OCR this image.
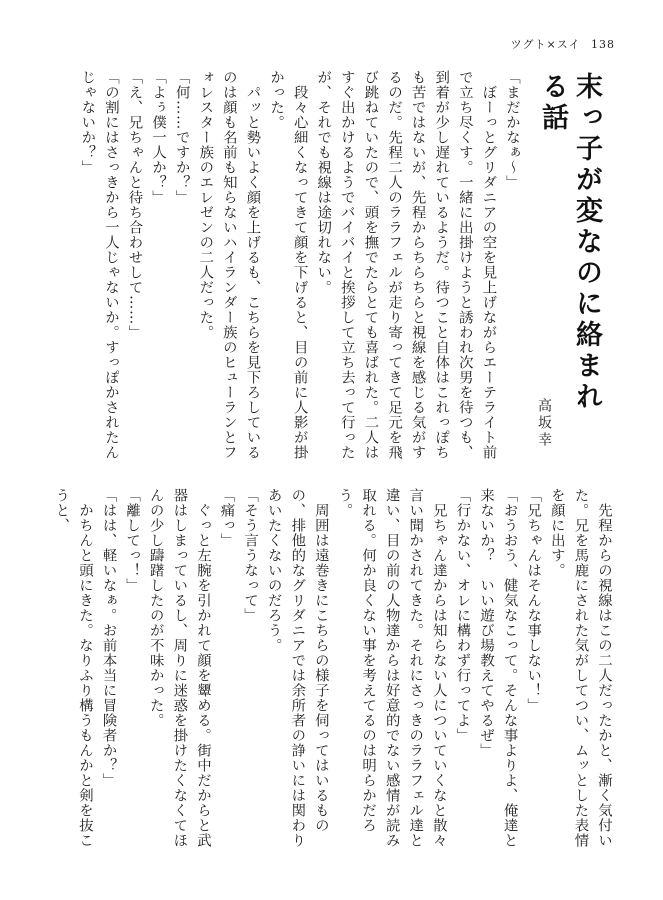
ツグト×スイ 138
末っ子が変なのに絡まれる話
高坂幸

「まだかなぁ〜」

　ぼーっとグリダニアの空を見上げながらエーテライト前で立ち尽くす。一緒に出掛けようと誘われ次男を待つも、到着が少し遅れているようだ。待つこと自体はこれっぽちも苦ではないが、先程からちらちらと視線を感じる気がするのだ。先程二人のララフェルが走り寄ってきて足元を飛び跳ねていたので、頭を撫でたらとても喜ばれた。二人はすぐ出かけるようでバイバイと挨拶して立ち去って行ったが、それでも視線は途切れない。

　段々心細くなってきて顔を下げると、目の前に人影が掛かった。

　パッと勢いよく顔を上げるも、こちらを見下ろしているのは顔も名前も知らないハイランダー族のヒューランとフォレスター族のエレゼンの二人だった。

「何……ですか？」

「よぅ僕一人か？」

「え、兄ちゃんと待ち合わせして……」

「の割にはさっきから一人じゃないか。すっぽかされたんじゃないか？」

　先程からの視線はこの二人だったかと、漸く気付いた。兄を馬鹿にされた気がしてつい、ムッとした表情を顔に出す。

「兄ちゃんはそんな事しない！」

「おうおう、健気なこって。そんな事よりよ、俺達と来ないか？　いい遊び場教えてやるぜ」

「行かない、オレに構わず行ってよ」

　兄ちゃん達からは知らない人についていくなと散々言い聞かされてきた。それにさっきのララフェル達と違い、目の前の人物達からは好意的でない感情が読み取れる。何か良くない事を考えてるのは明らかだろう。

　周囲は遠巻きにこちらの様子を伺ってはいるものの、排他的なグリダニアでは余所者の諍いには関わりあいたくないのだろう。

「そう言うなって」

「痛っ」

　ぐっと左腕を引かれて顔を顰める。街中だからと武器はしまっているし、周りに迷惑を掛けたくなくてほんの少し躊躇したのが不味かった。

「離してっ！」

「はは、軽いなぁ。お前本当に冒険者か？」

　かちんと頭にきた。なりふり構うもんかと剣を抜こうと、
